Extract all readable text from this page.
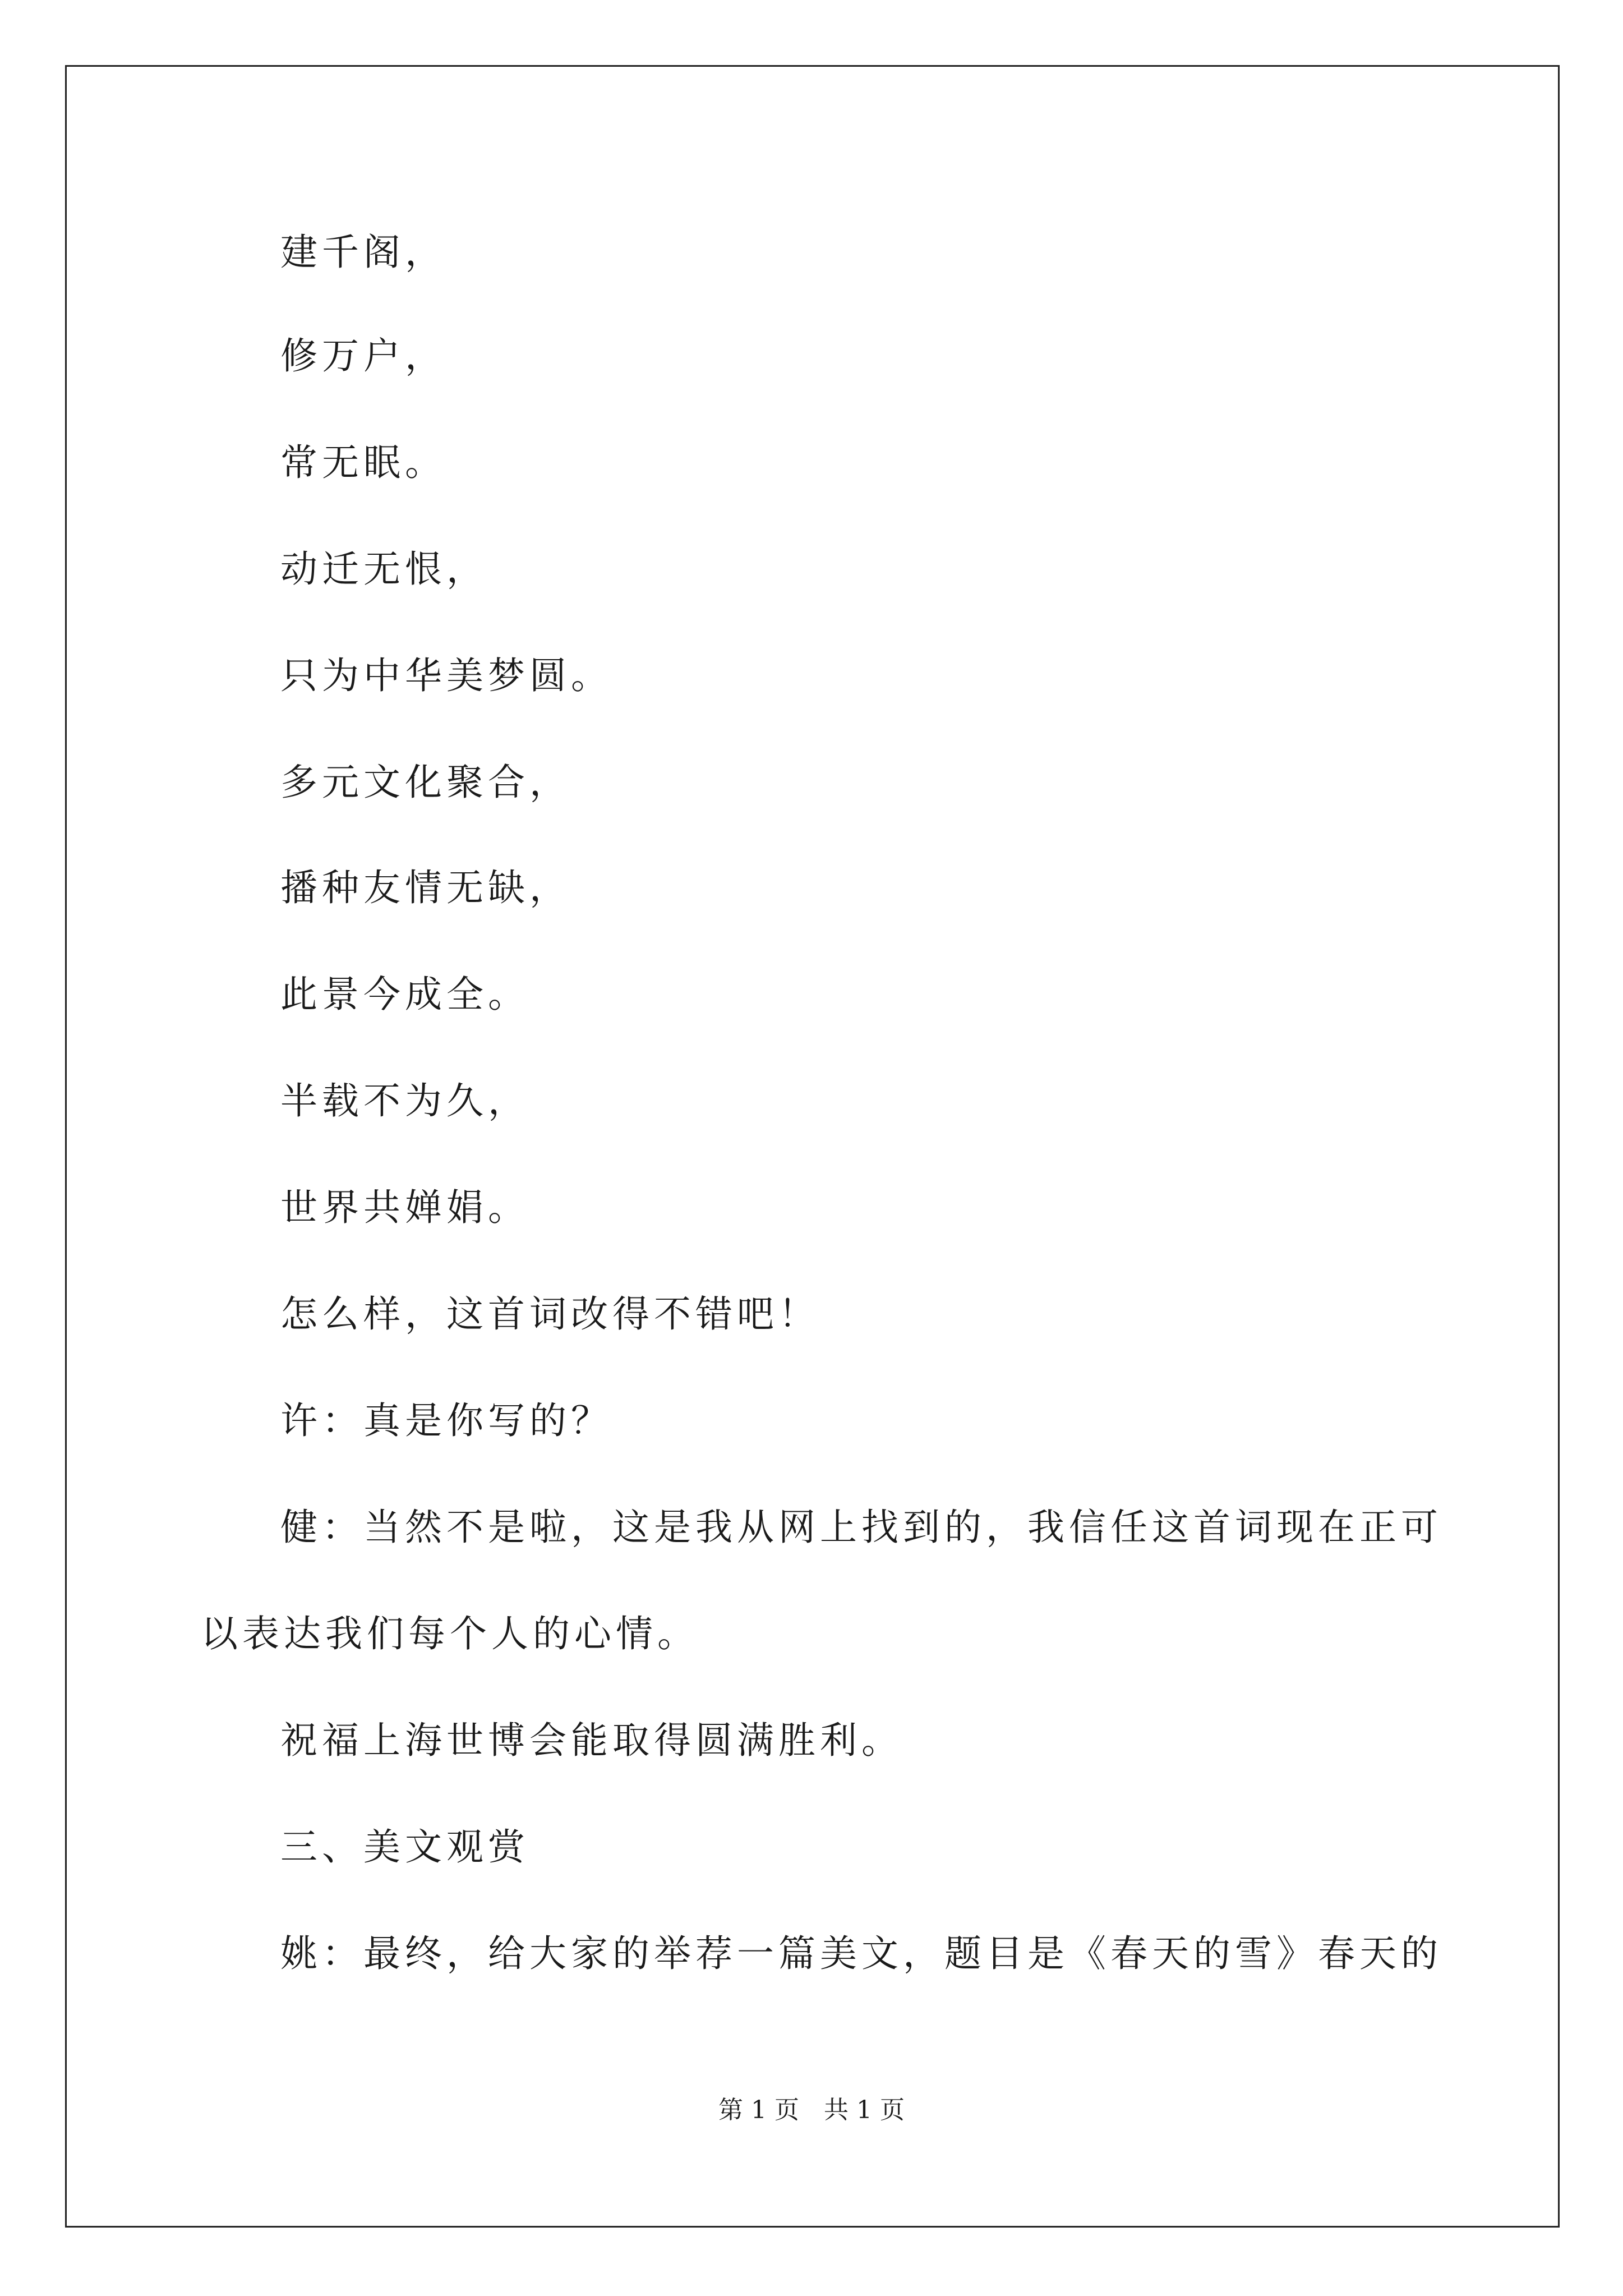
建千阁，
修万户，
常无眠。
动迁无恨，
只为中华美梦圆。
多元文化聚合，
播种友情无缺，
此景今成全。
半载不为久，
世界共婵娟。
怎么样，这首词改得不错吧！
许：真是你写的？
健：当然不是啦，这是我从网上找到的，我信任这首词现在正可
以表达我们每个人的心情。
祝福上海世博会能取得圆满胜利。
三、美文观赏
姚：最终，给大家的举荐一篇美文，题目是《春天的雪》春天的
第 1 页　共 1 页
